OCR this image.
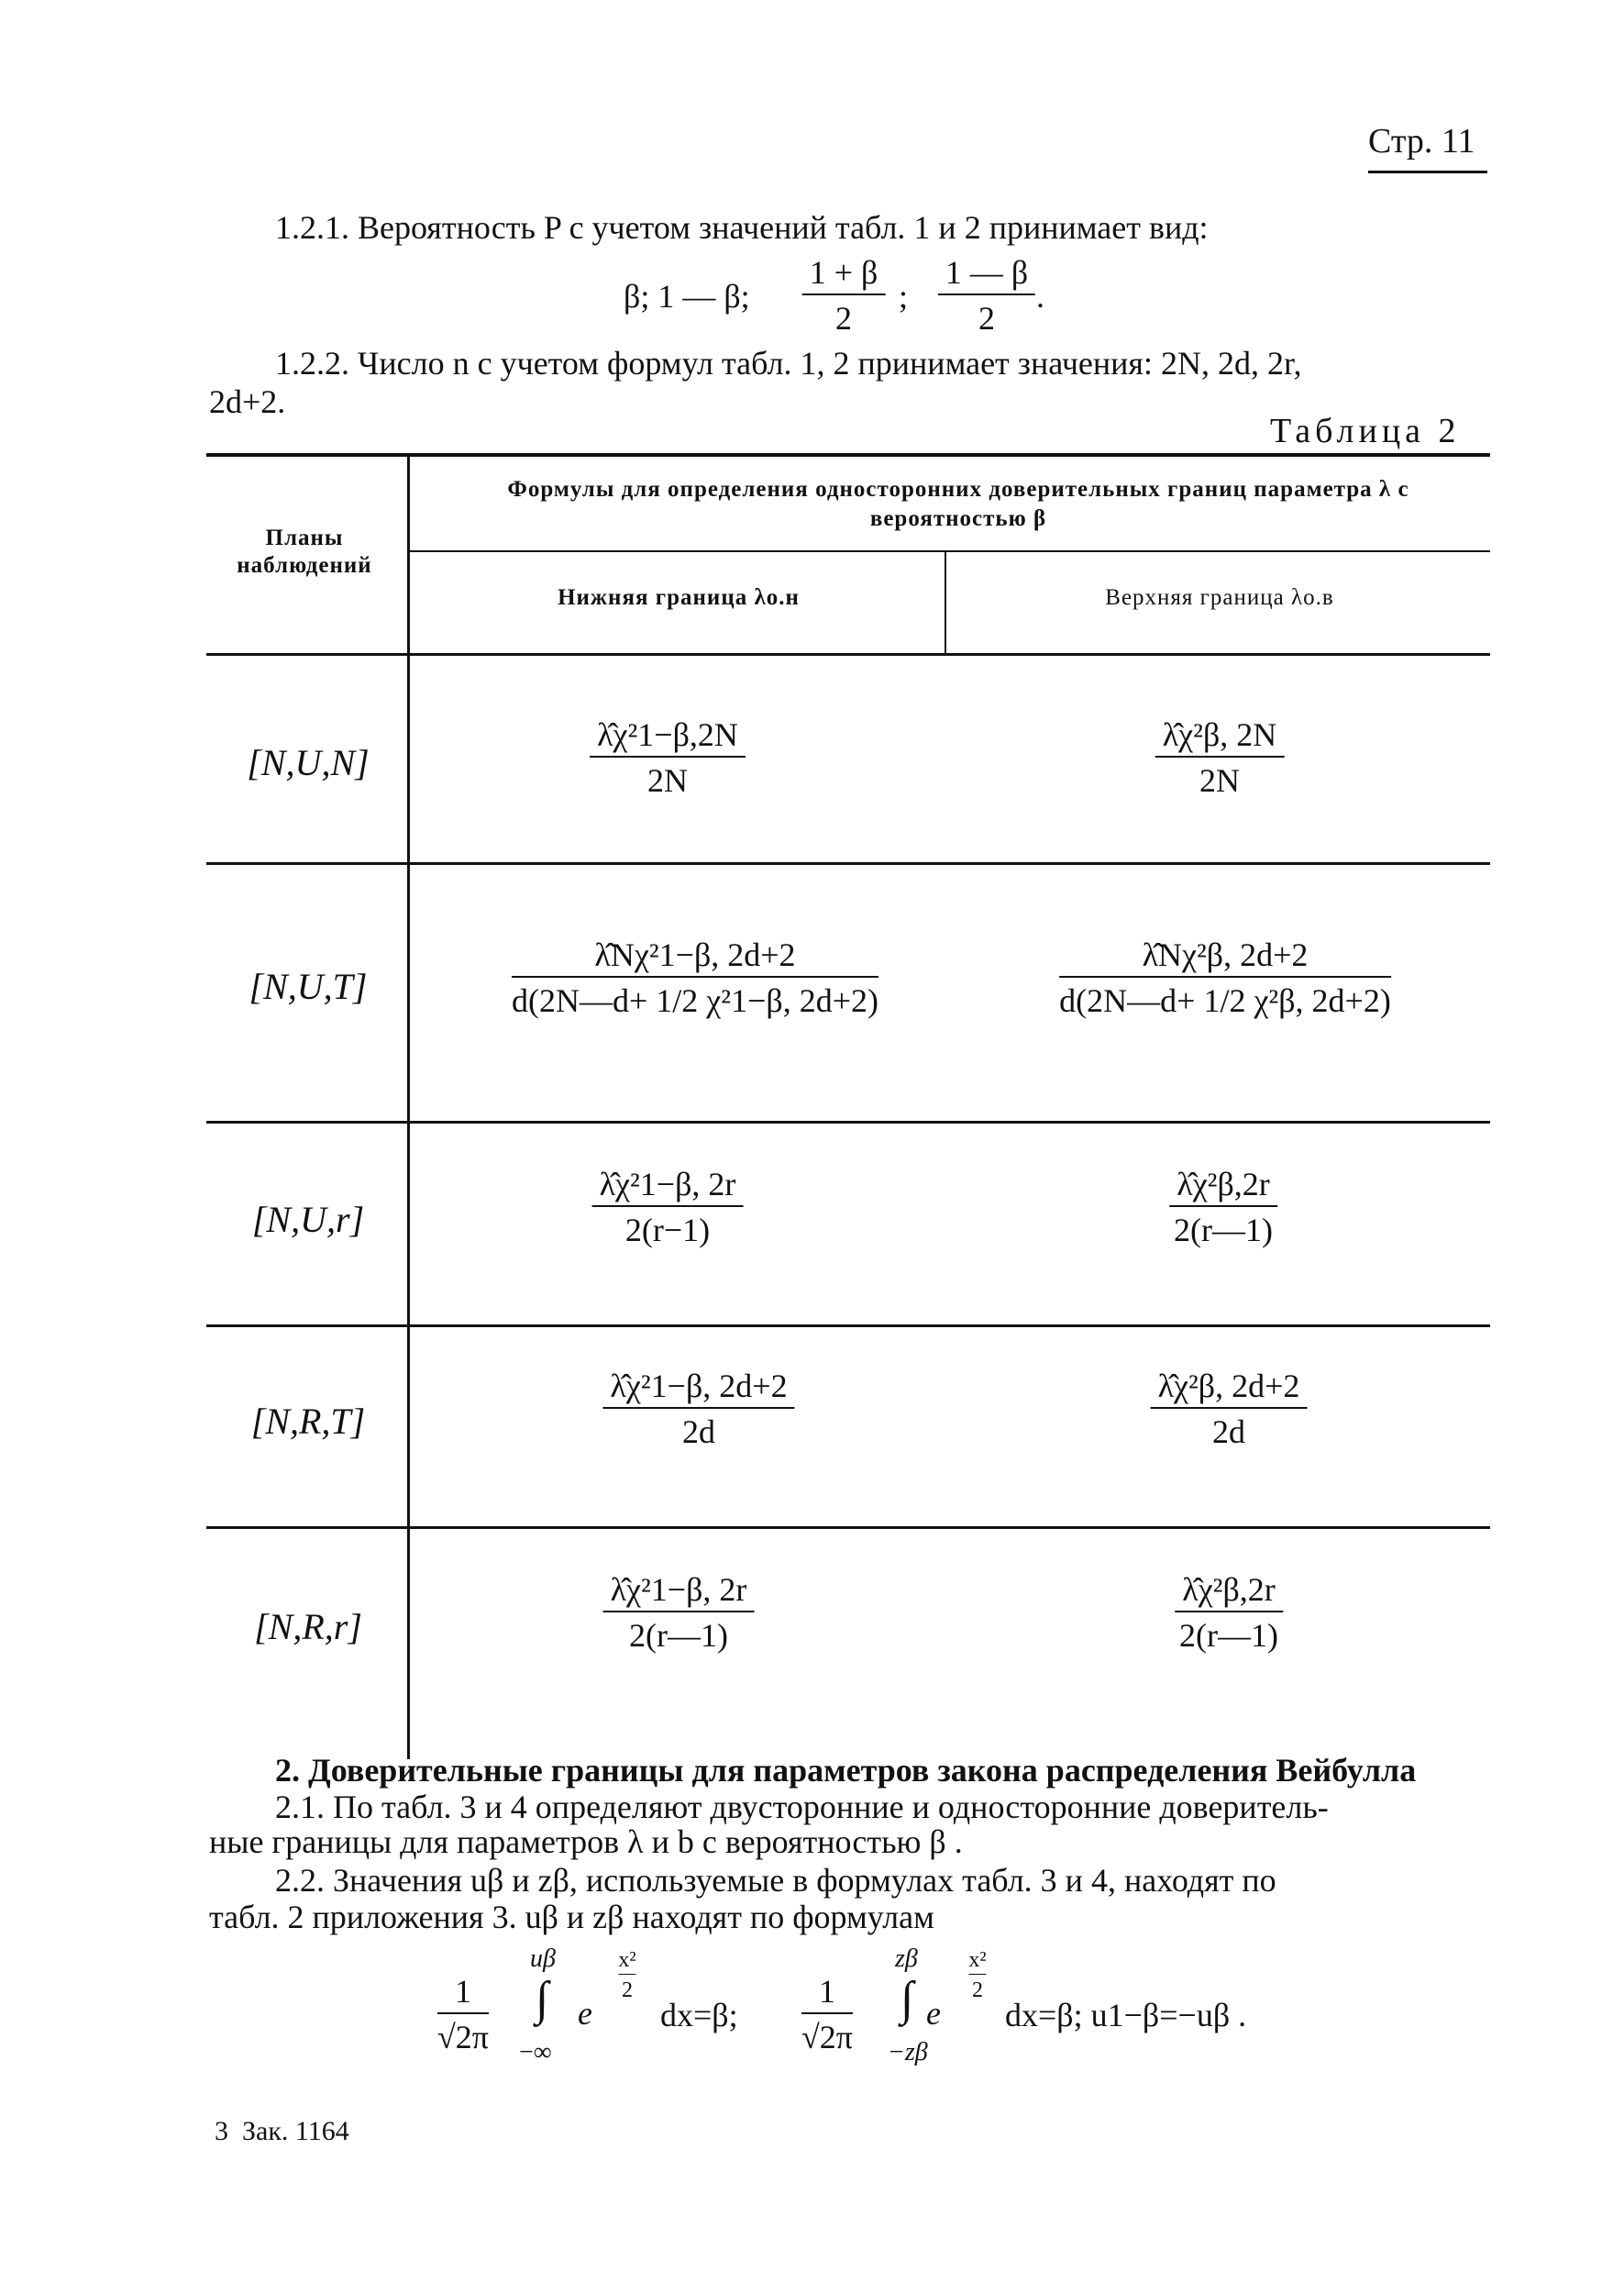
Стр. 11
1.2.1. Вероятность P с учетом значений табл. 1 и 2 принимает вид:
β; 1 — β;
1 + β
2
;
1 — β
2
.
1.2.2. Число n с учетом формул табл. 1, 2 принимает значения: 2N, 2d, 2r,
2d+2.
Таблица 2
Планы наблюдений
Формулы для определения односторонних доверительных границ параметра λ с вероятностью β
Нижняя граница λо.н	Верхняя граница λо.в
[N,U,N]
λ̂χ²1−β,2N
2N
λ̂χ²β, 2N
2N
[N,U,T]
λ̂Nχ²1−β, 2d+2
d(2N—d+ 1/2 χ²1−β, 2d+2)
λ̂Nχ²β, 2d+2
d(2N—d+ 1/2 χ²β, 2d+2)
[N,U,r]
λ̂χ²1−β, 2r
2(r−1)
λ̂χ²β,2r
2(r—1)
[N,R,T]
λ̂χ²1−β, 2d+2
2d
λ̂χ²β, 2d+2
2d
[N,R,r]
λ̂χ²1−β, 2r
2(r—1)
λ̂χ²β,2r
2(r—1)
2. Доверительные границы для параметров закона распределения Вейбулла
2.1. По табл. 3 и 4 определяют двусторонние и односторонние доверитель-
ные границы для параметров λ и b с вероятностью β .
2.2. Значения uβ и zβ, используемые в формулах табл. 3 и 4, находят по
табл. 2 приложения 3. uβ и zβ находят по формулам
1
√2π
uβ
∫
−∞
e
x²
2
dx=β;
1
√2π
zβ
∫
−zβ
e
x²
2
dx=β; u1−β=−uβ .
3  Зак. 1164
